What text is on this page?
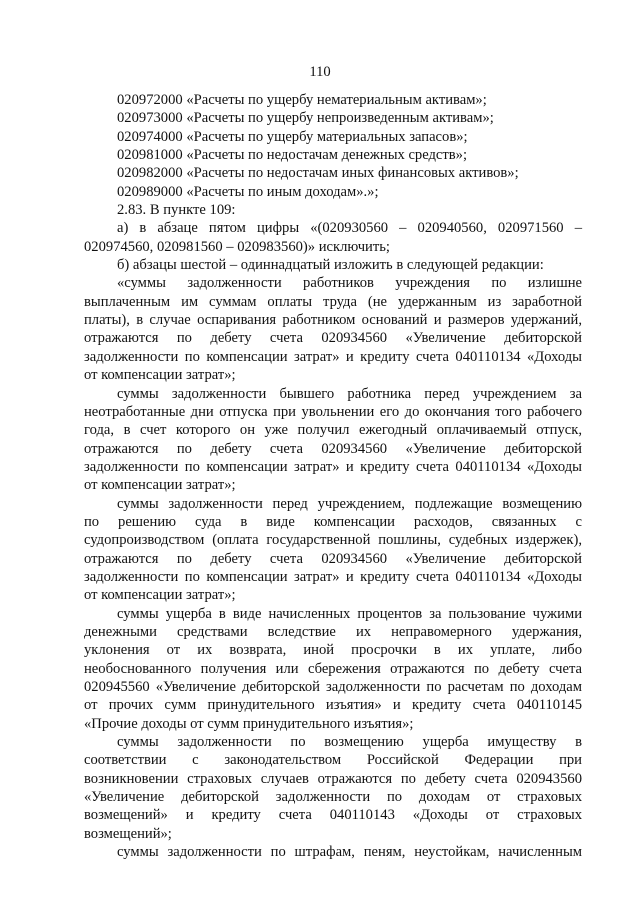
110
020972000 «Расчеты по ущербу нематериальным активам»;
020973000 «Расчеты по ущербу непроизведенным активам»;
020974000 «Расчеты по ущербу материальных запасов»;
020981000 «Расчеты по недостачам денежных средств»;
020982000 «Расчеты по недостачам иных финансовых активов»;
020989000 «Расчеты по иным доходам».»;
2.83. В пункте 109:
а) в абзаце пятом цифры «(020930560 – 020940560, 020971560 –
020974560, 020981560 – 020983560)» исключить;
б) абзацы шестой – одиннадцатый изложить в следующей редакции:
«суммы задолженности работников учреждения по излишне
выплаченным им суммам оплаты труда (не удержанным из заработной
платы), в случае оспаривания работником оснований и размеров удержаний,
отражаются по дебету счета 020934560 «Увеличение дебиторской
задолженности по компенсации затрат» и кредиту счета 040110134 «Доходы
от компенсации затрат»;
суммы задолженности бывшего работника перед учреждением за
неотработанные дни отпуска при увольнении его до окончания того рабочего
года, в счет которого он уже получил ежегодный оплачиваемый отпуск,
отражаются по дебету счета 020934560 «Увеличение дебиторской
задолженности по компенсации затрат» и кредиту счета 040110134 «Доходы
от компенсации затрат»;
суммы задолженности перед учреждением, подлежащие возмещению
по решению суда в виде компенсации расходов, связанных с
судопроизводством (оплата государственной пошлины, судебных издержек),
отражаются по дебету счета 020934560 «Увеличение дебиторской
задолженности по компенсации затрат» и кредиту счета 040110134 «Доходы
от компенсации затрат»;
суммы ущерба в виде начисленных процентов за пользование чужими
денежными средствами вследствие их неправомерного удержания,
уклонения от их возврата, иной просрочки в их уплате, либо
необоснованного получения или сбережения отражаются по дебету счета
020945560 «Увеличение дебиторской задолженности по расчетам по доходам
от прочих сумм принудительного изъятия» и кредиту счета 040110145
«Прочие доходы от сумм принудительного изъятия»;
суммы задолженности по возмещению ущерба имуществу в
соответствии с законодательством Российской Федерации при
возникновении страховых случаев отражаются по дебету счета 020943560
«Увеличение дебиторской задолженности по доходам от страховых
возмещений» и кредиту счета 040110143 «Доходы от страховых
возмещений»;
суммы задолженности по штрафам, пеням, неустойкам, начисленным
